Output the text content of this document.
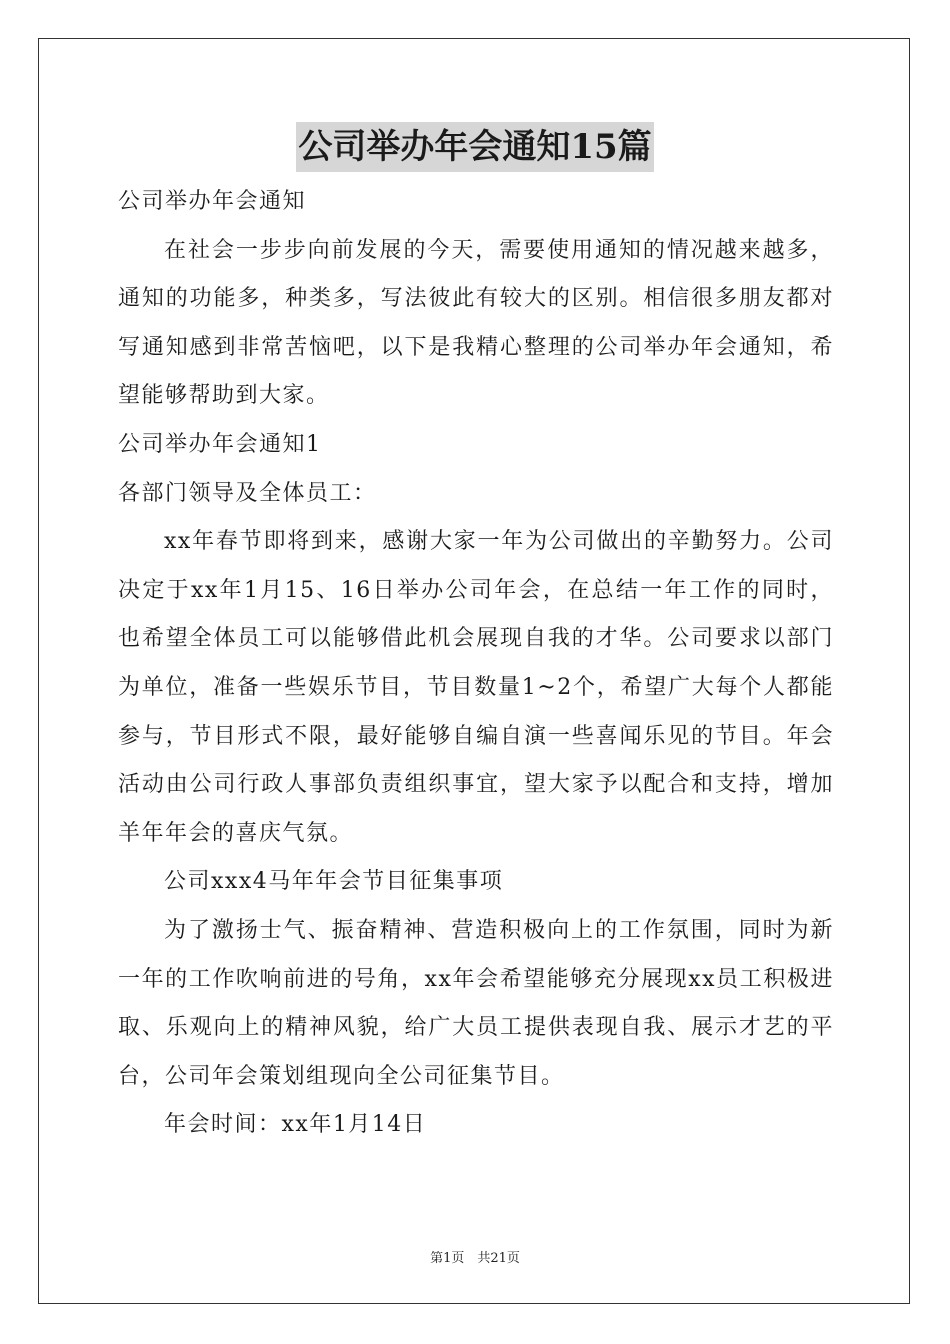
公司举办年会通知15篇

公司举办年会通知

在社会一步步向前发展的今天，需要使用通知的情况越来越多，通知的功能多，种类多，写法彼此有较大的区别。相信很多朋友都对写通知感到非常苦恼吧，以下是我精心整理的公司举办年会通知，希望能够帮助到大家。

公司举办年会通知1

各部门领导及全体员工：

xx年春节即将到来，感谢大家一年为公司做出的辛勤努力。公司决定于xx年1月15、16日举办公司年会，在总结一年工作的同时，也希望全体员工可以能够借此机会展现自我的才华。公司要求以部门为单位，准备一些娱乐节目，节目数量1~2个，希望广大每个人都能参与，节目形式不限，最好能够自编自演一些喜闻乐见的节目。年会活动由公司行政人事部负责组织事宜，望大家予以配合和支持，增加羊年年会的喜庆气氛。

公司xxx4马年年会节目征集事项

为了激扬士气、振奋精神、营造积极向上的工作氛围，同时为新一年的工作吹响前进的号角，xx年会希望能够充分展现xx员工积极进取、乐观向上的精神风貌，给广大员工提供表现自我、展示才艺的平台，公司年会策划组现向全公司征集节目。

年会时间：xx年1月14日

第1页　共21页
